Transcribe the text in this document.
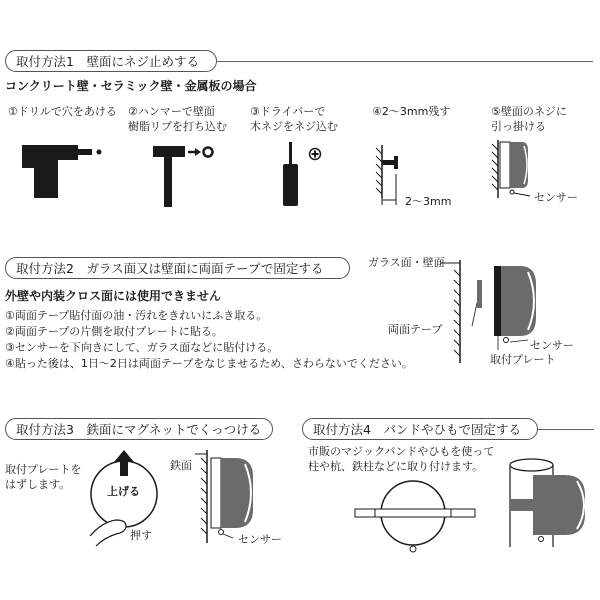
取付方法1　壁面にネジ止めする
コンクリート壁・セラミック壁・金属板の場合
①ドリルで穴をあける ②ハンマーで壁面
樹脂リブを打ち込む
③ドライバーで
木ネジをネジ込む
④2～3mm残す	⑤壁面のネジに
引っ掛ける
2～3mm	センサー
取付方法2　ガラス面又は壁面に両面テープで固定する
外壁や内装クロス面には使用できません
①両面テープ貼付面の油・汚れをきれいにふき取る。
②両面テープの片側を取付プレートに貼る。
③センサーを下向きにして、ガラス面などに貼付ける。
④貼った後は、1日～2日は両面テープをなじませるため、さわらないでください。
ガラス面・壁面
両面テープ
センサー
取付プレート
取付方法3　鉄面にマグネットでくっつける
取付プレートを
はずします。
上げる
押す
鉄面
センサー
取付方法4　バンドやひもで固定する
市販のマジックバンドやひもを使って
柱や杭、鉄柱などに取り付けます。
